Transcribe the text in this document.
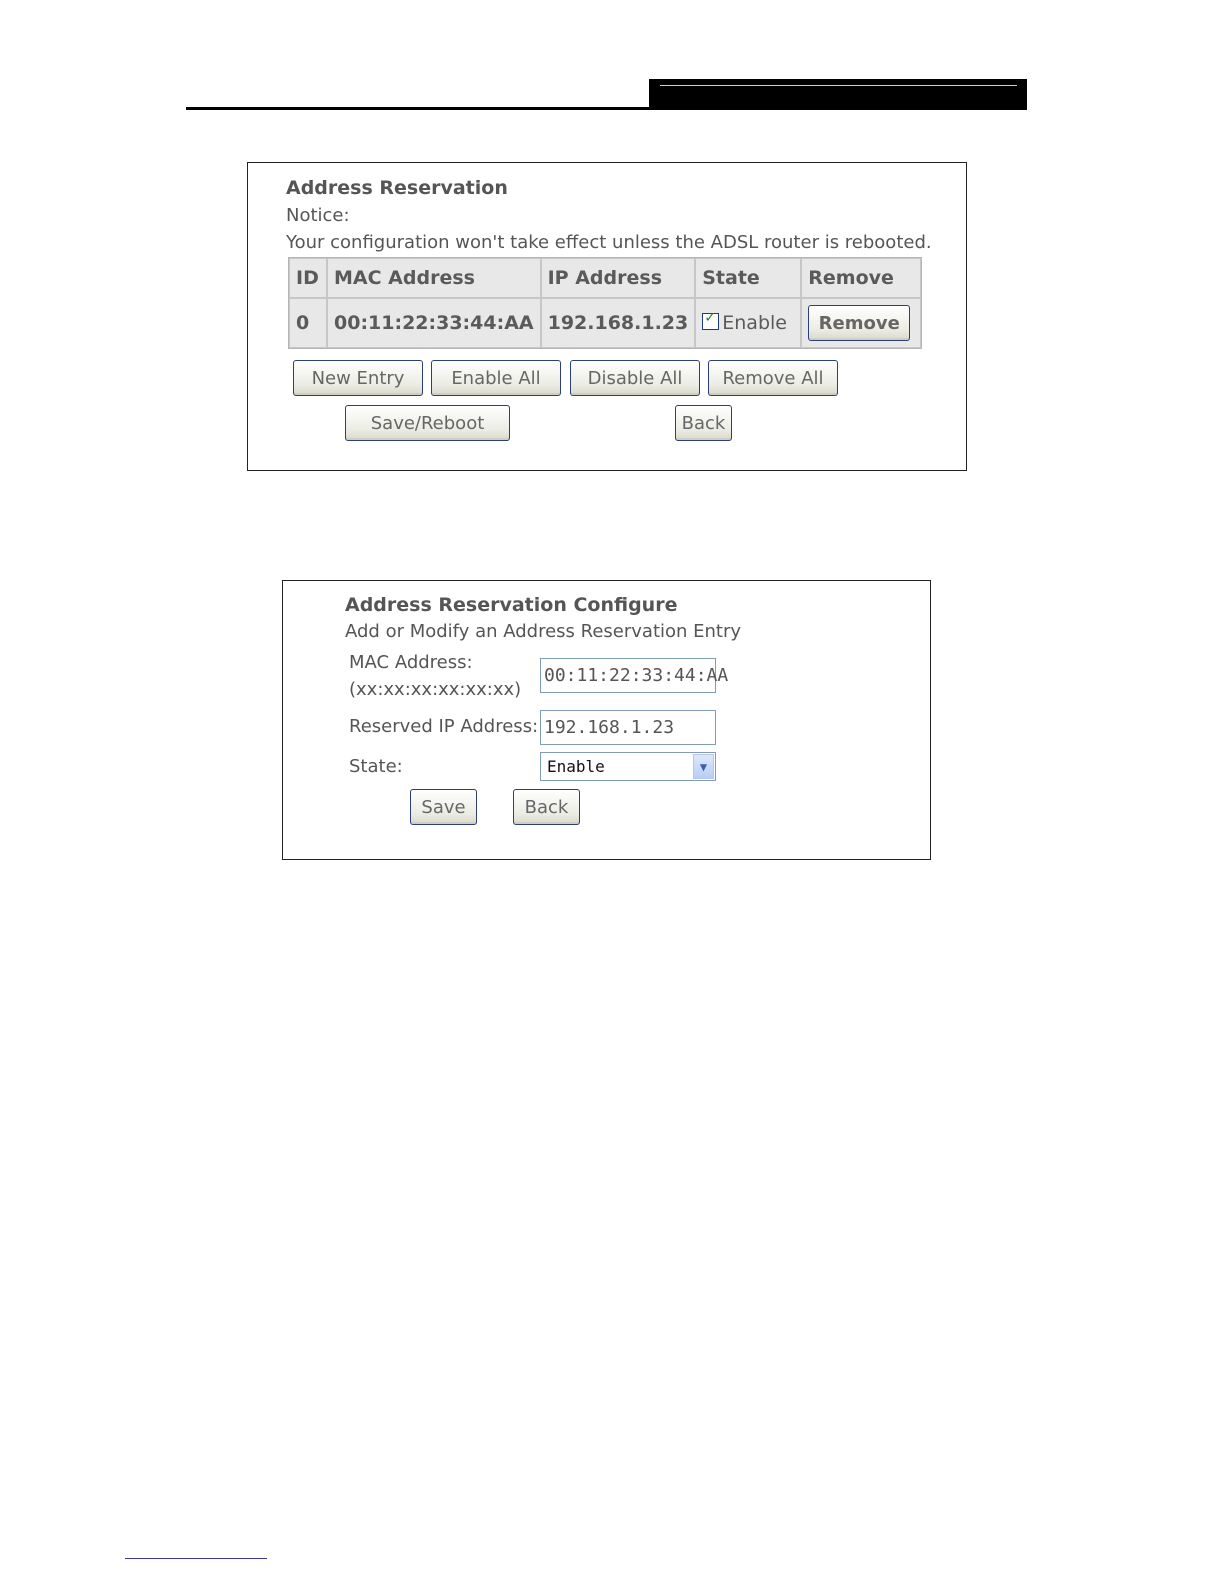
Address Reservation
Notice:
Your configuration won't take effect unless the ADSL router is rebooted.
ID	MAC Address	IP Address	State	Remove
0	00:11:22:33:44:AA	192.168.1.23	✓ Enable	Remove
New Entry	Enable All	Disable All	Remove All
Save/Reboot	Back
Address Reservation Configure
Add or Modify an Address Reservation Entry
MAC Address:
(xx:xx:xx:xx:xx:xx)
00:11:22:33:44:AA
Reserved IP Address: 192.168.1.23
State:	Enable	▼
Save	Back
